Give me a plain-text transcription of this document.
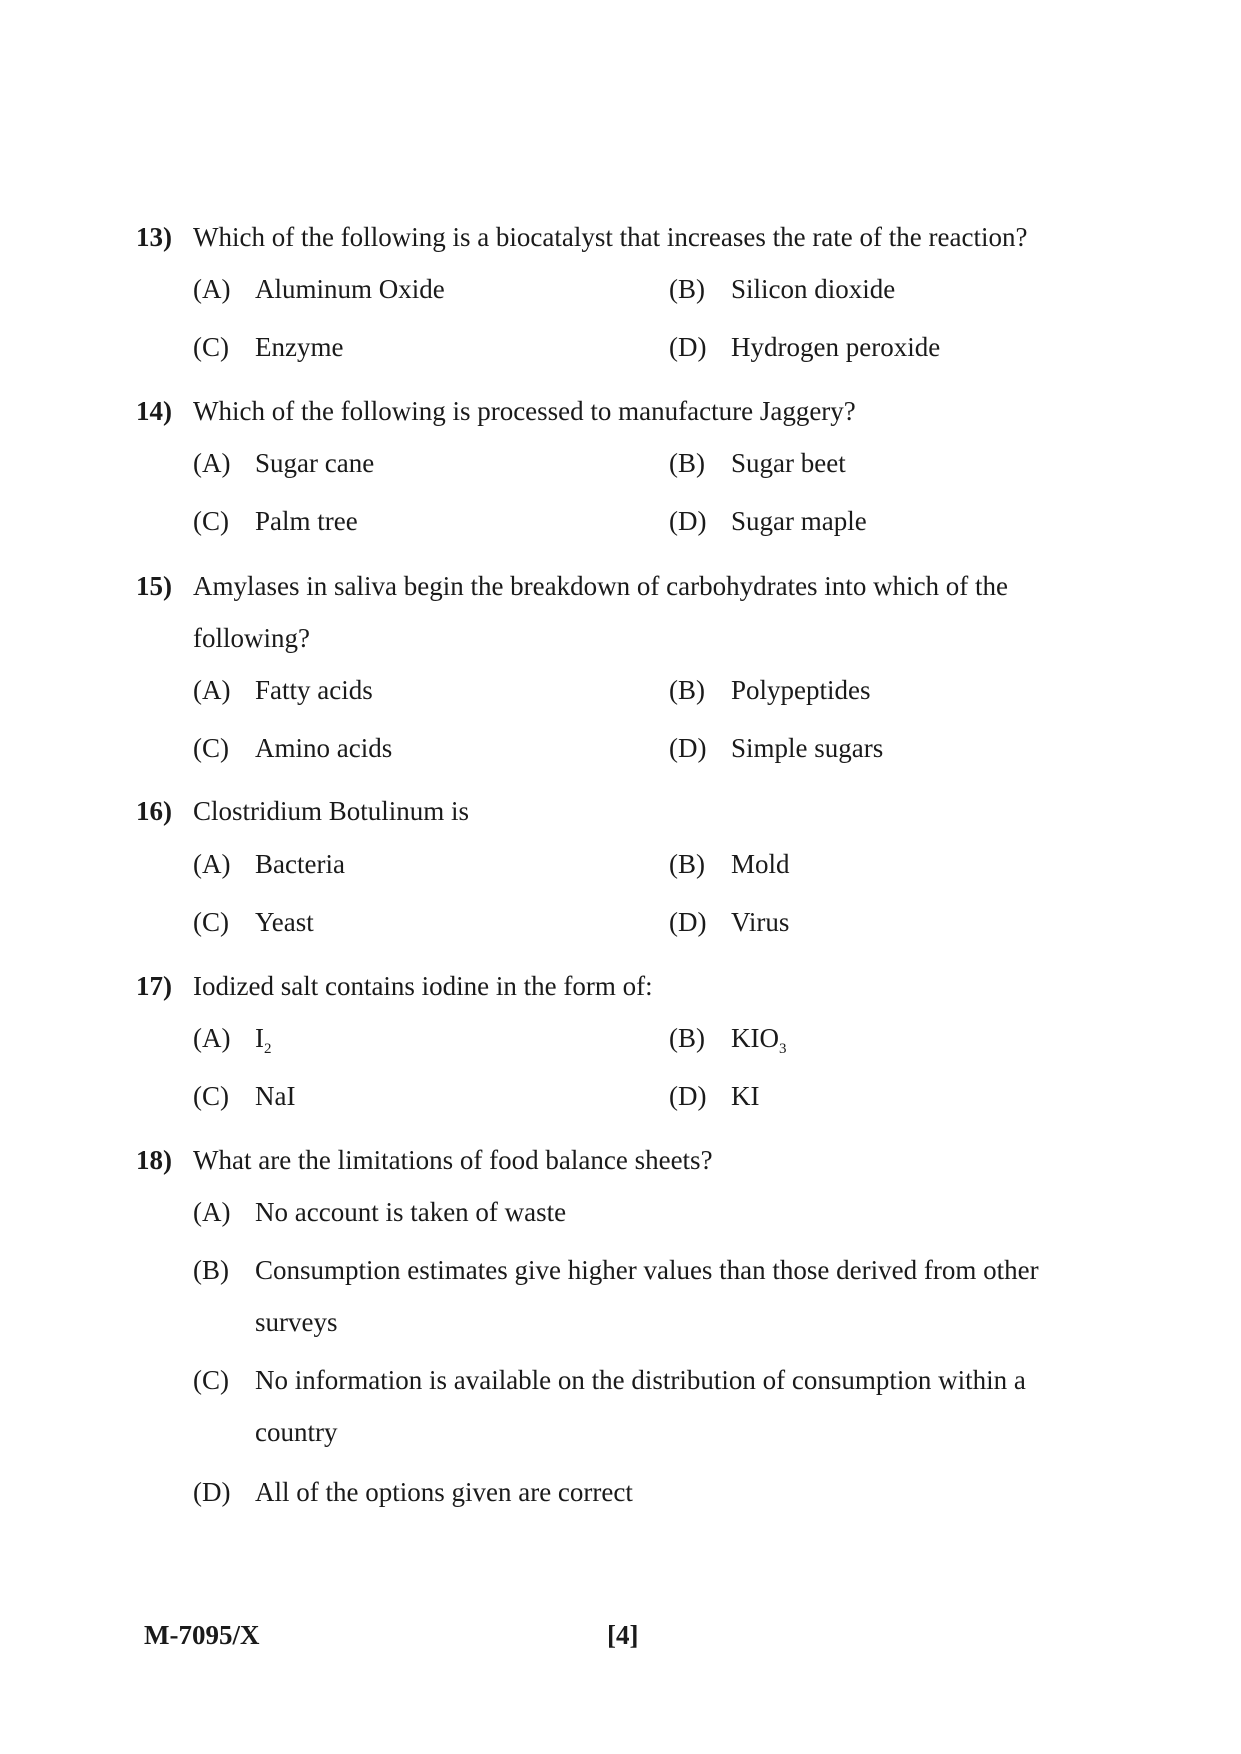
13) Which of the following is a biocatalyst that increases the rate of the reaction?
(A) Aluminum Oxide	(B) Silicon dioxide
(C) Enzyme	(D) Hydrogen peroxide
14) Which of the following is processed to manufacture Jaggery?
(A) Sugar cane	(B) Sugar beet
(C) Palm tree	(D) Sugar maple
15) Amylases in saliva begin the breakdown of carbohydrates into which of the following?
(A) Fatty acids	(B) Polypeptides
(C) Amino acids	(D) Simple sugars
16) Clostridium Botulinum is
(A) Bacteria	(B) Mold
(C) Yeast	(D) Virus
17) Iodized salt contains iodine in the form of:
(A) $I_2$	(B) $KIO_3$
(C) NaI	(D) KI
18) What are the limitations of food balance sheets?
(A) No account is taken of waste
(B) Consumption estimates give higher values than those derived from other surveys
(C) No information is available on the distribution of consumption within a country
(D) All of the options given are correct
M-7095/X	[4]
